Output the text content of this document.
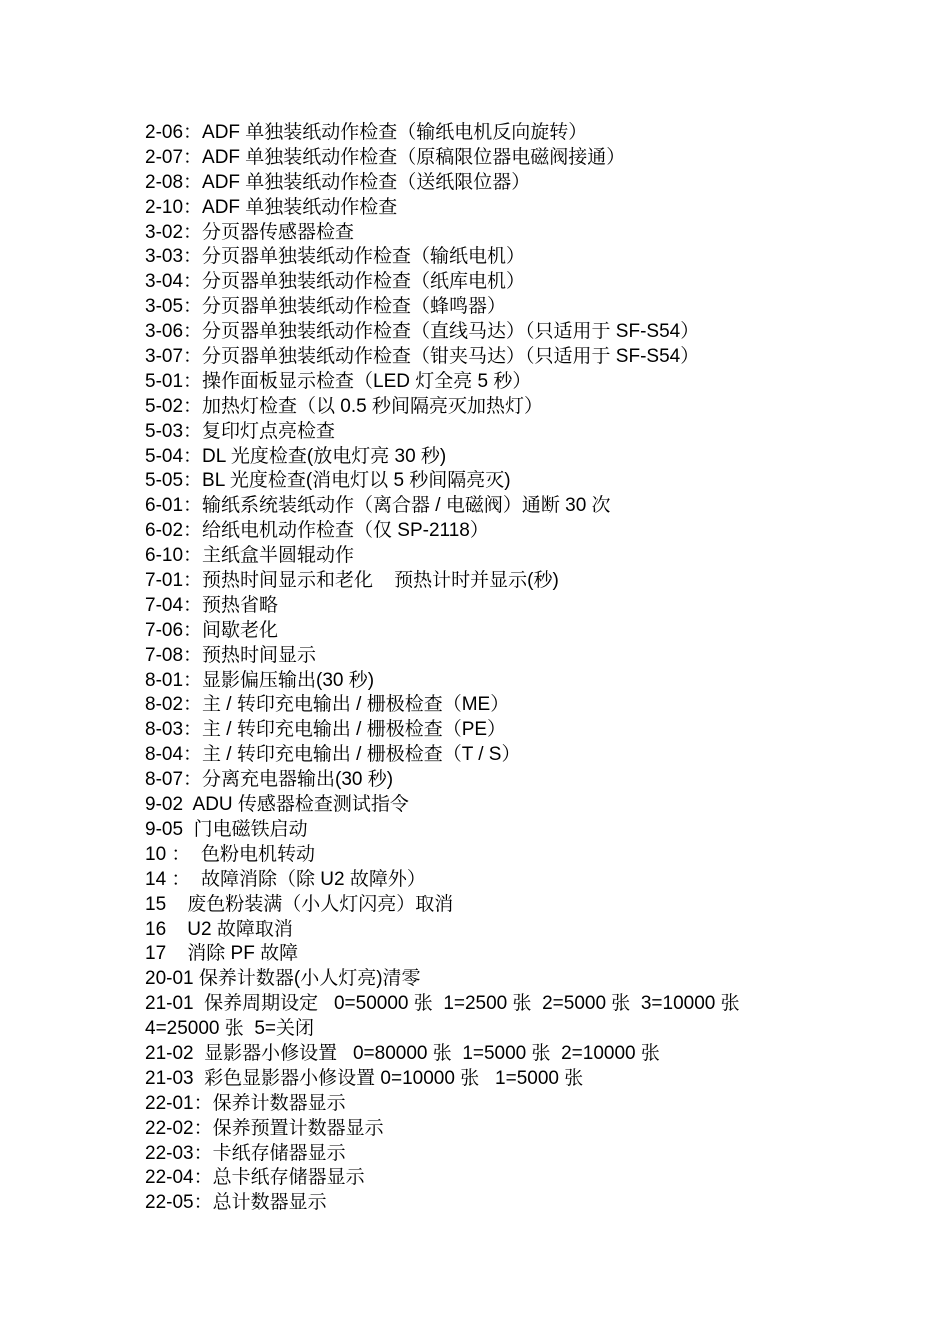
2-06：ADF 单独装纸动作检查（输纸电机反向旋转）
2-07：ADF 单独装纸动作检查（原稿限位器电磁阀接通）
2-08：ADF 单独装纸动作检查（送纸限位器）
2-10：ADF 单独装纸动作检查
3-02：分页器传感器检查
3-03：分页器单独装纸动作检查（输纸电机）
3-04：分页器单独装纸动作检查（纸库电机）
3-05：分页器单独装纸动作检查（蜂鸣器）
3-06：分页器单独装纸动作检查（直线马达）（只适用于 SF-S54）
3-07：分页器单独装纸动作检查（钳夹马达）（只适用于 SF-S54）
5-01：操作面板显示检查（LED 灯全亮 5 秒）
5-02：加热灯检查（以 0.5 秒间隔亮灭加热灯）
5-03：复印灯点亮检查
5-04：DL 光度检查(放电灯亮 30 秒)
5-05：BL 光度检查(消电灯以 5 秒间隔亮灭)
6-01：输纸系统装纸动作（离合器 / 电磁阀）通断 30 次
6-02：给纸电机动作检查（仅 SP-2118）
6-10：主纸盒半圆辊动作
7-01：预热时间显示和老化    预热计时并显示(秒)
7-04：预热省略
7-06：间歇老化
7-08：预热时间显示
8-01：显影偏压输出(30 秒)
8-02：主 / 转印充电输出 / 栅极检查（ME）
8-03：主 / 转印充电输出 / 栅极检查（PE）
8-04：主 / 转印充电输出 / 栅极检查（T / S）
8-07：分离充电器输出(30 秒)
9-02  ADU 传感器检查测试指令
9-05  门电磁铁启动
10 ：  色粉电机转动
14 ：  故障消除（除 U2 故障外）
15    废色粉装满（小人灯闪亮）取消
16    U2 故障取消
17    消除 PF 故障
20-01 保养计数器(小人灯亮)清零
21-01  保养周期设定   0=50000 张  1=2500 张  2=5000 张  3=10000 张
4=25000 张  5=关闭
21-02  显影器小修设置   0=80000 张  1=5000 张  2=10000 张
21-03  彩色显影器小修设置 0=10000 张   1=5000 张
22-01：保养计数器显示
22-02：保养预置计数器显示
22-03：卡纸存储器显示
22-04：总卡纸存储器显示
22-05：总计数器显示
